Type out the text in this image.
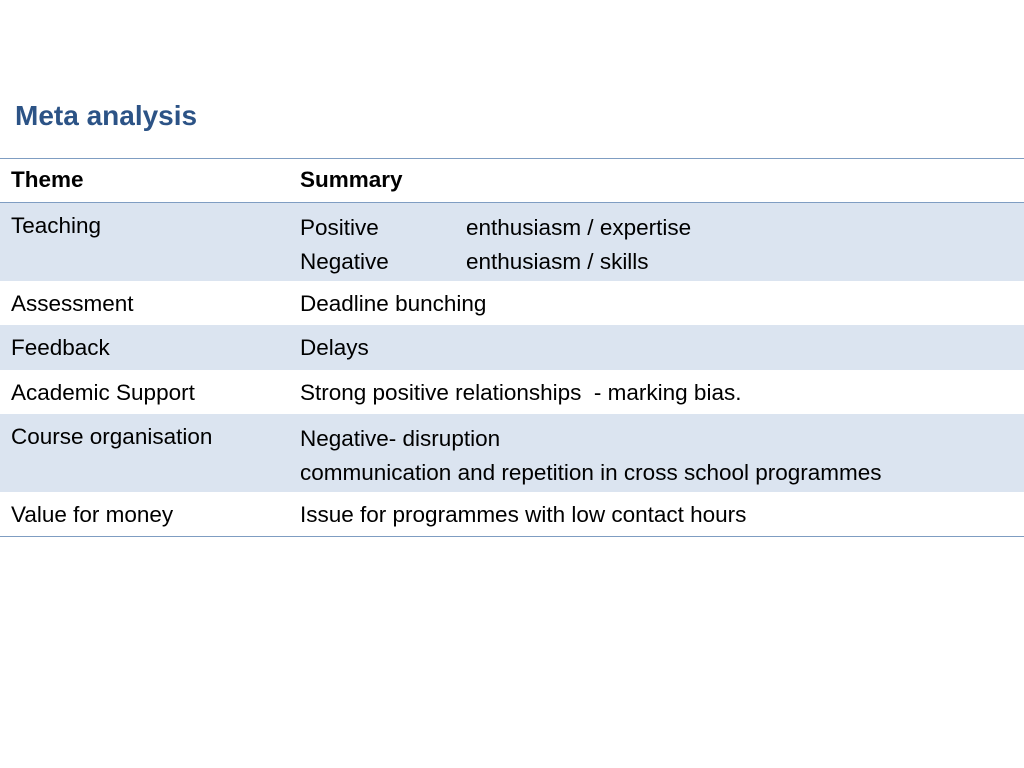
Meta analysis
Theme	Summary

Teaching	Positive enthusiasm / expertise
Negative enthusiasm / skills

Assessment	Deadline bunching

Feedback	Delays

Academic Support	Strong positive relationships  - marking bias.

Course organisation	Negative- disruption
communication and repetition in cross school programmes

Value for money	Issue for programmes with low contact hours
